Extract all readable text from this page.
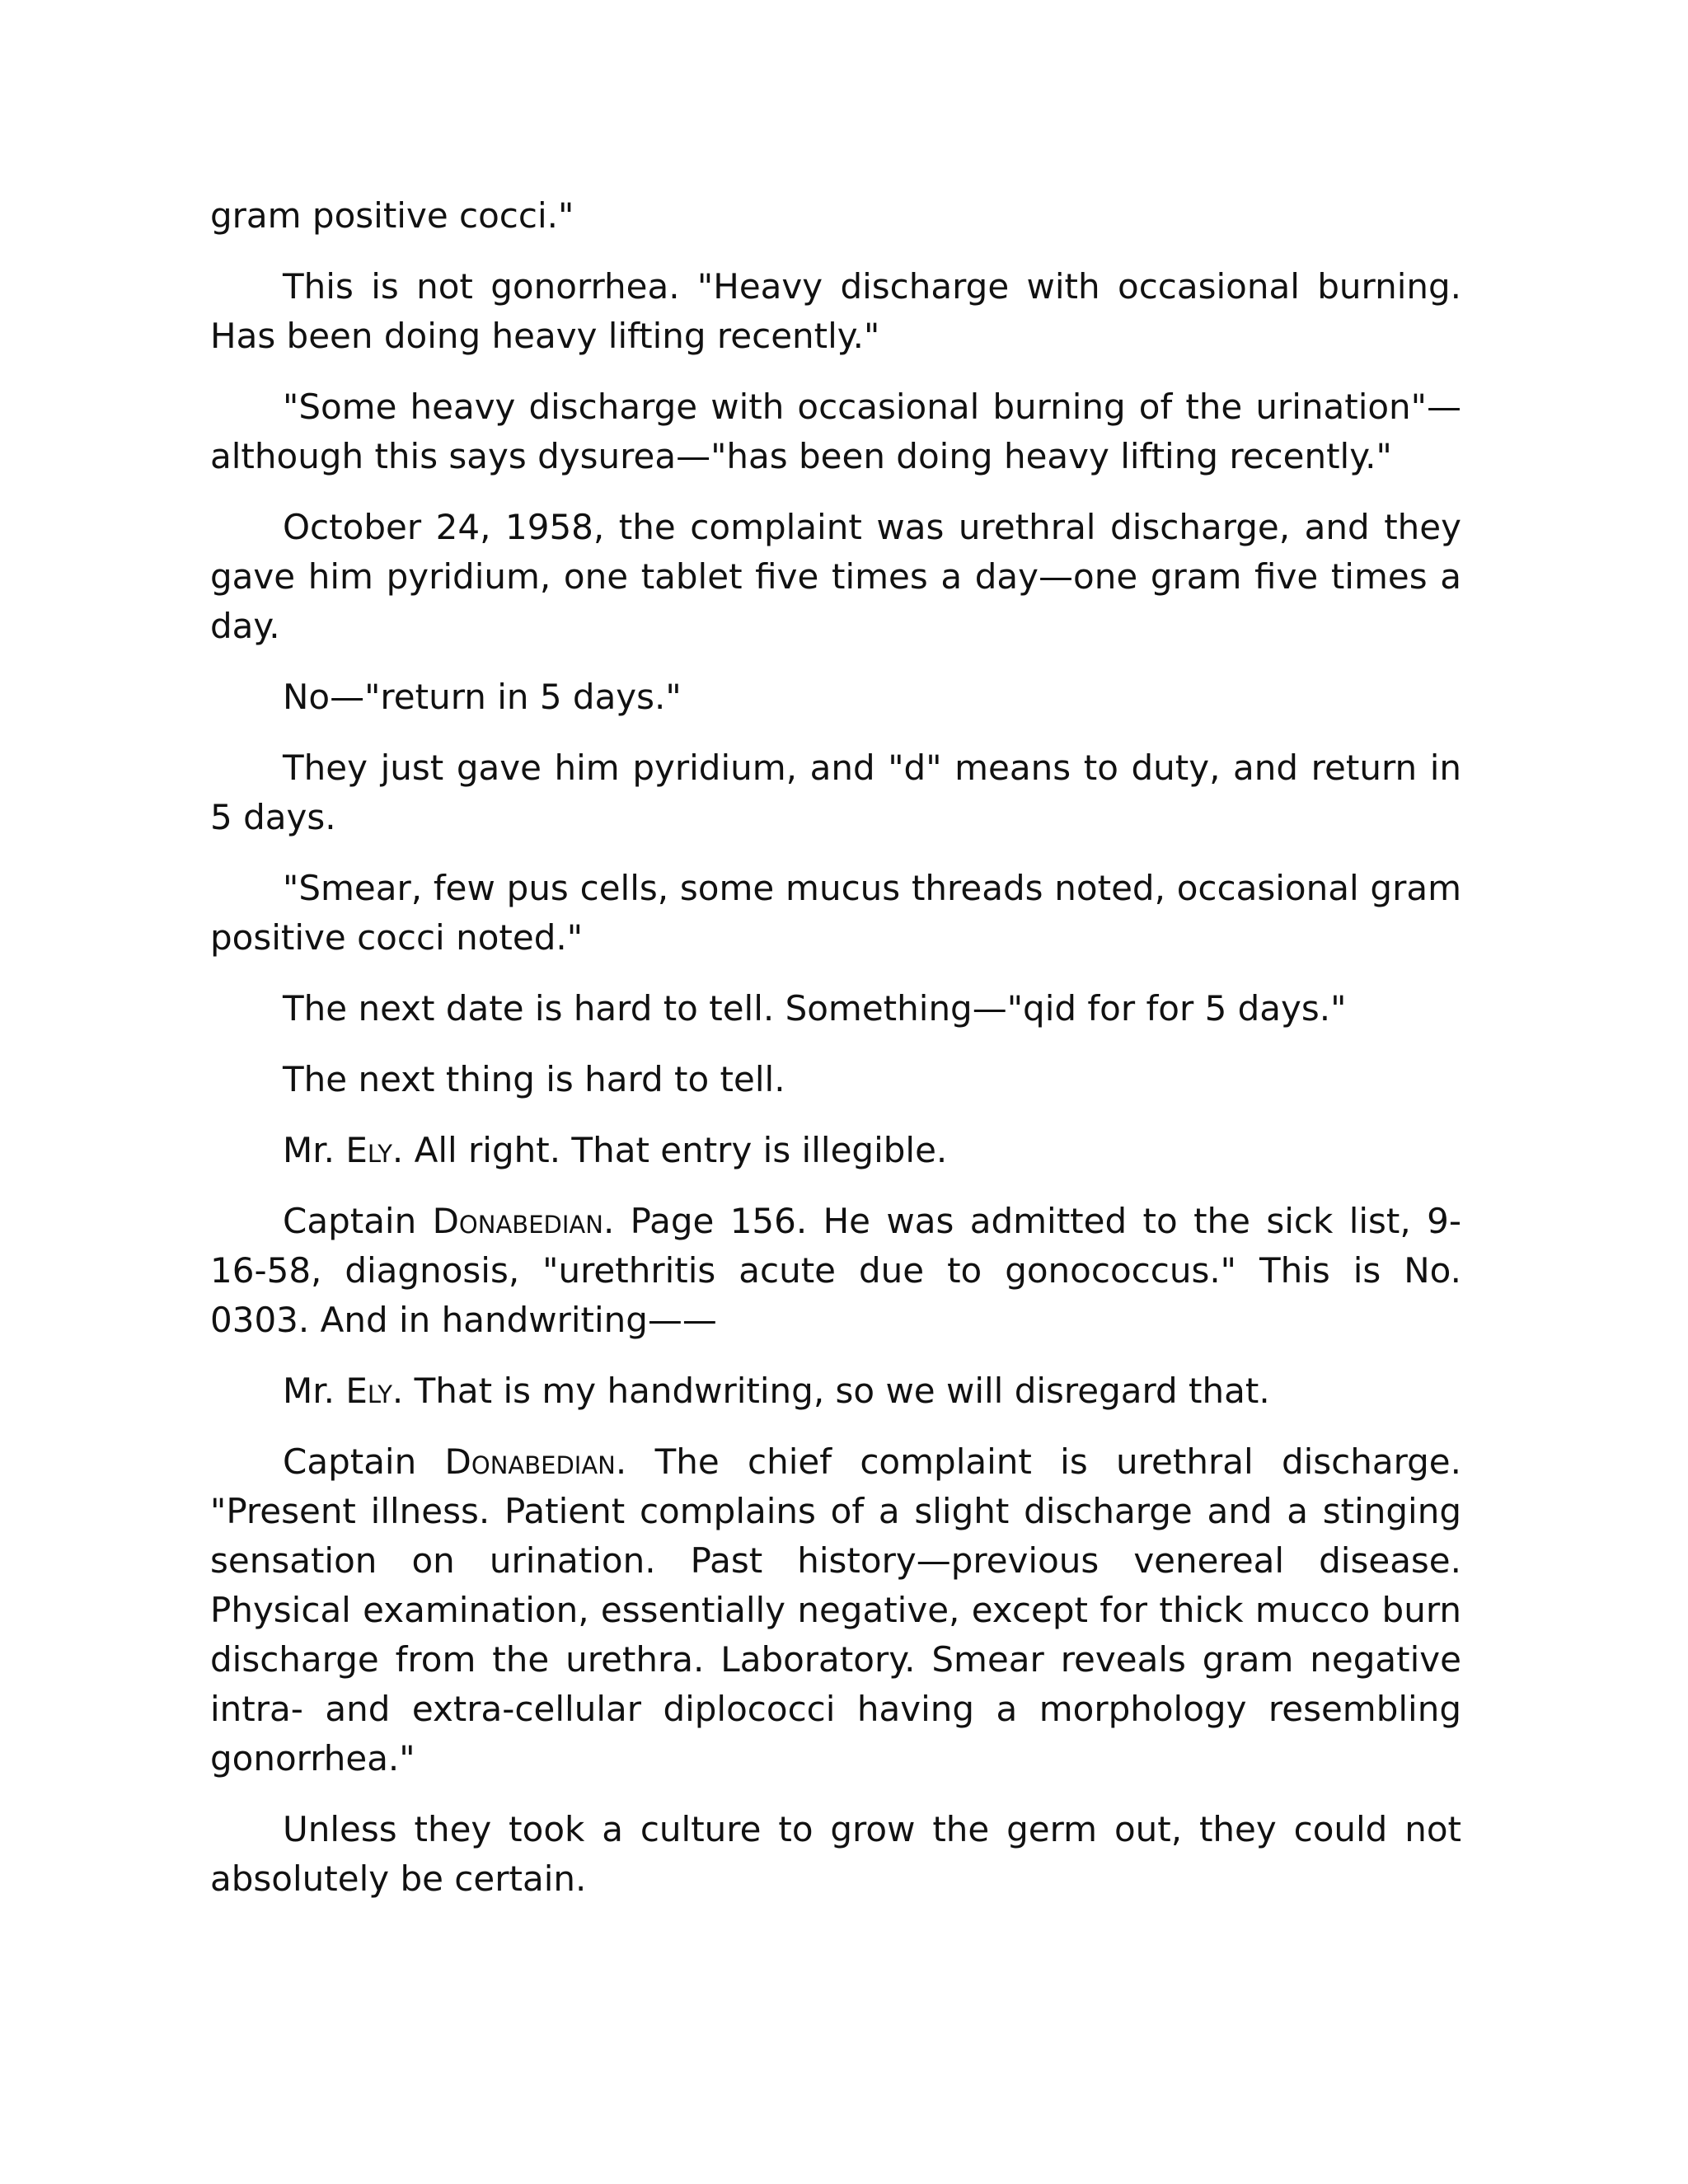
gram positive cocci."

This is not gonorrhea. "Heavy discharge with occasional burning. Has been doing heavy lifting recently."

"Some heavy discharge with occasional burning of the urination"—although this says dysurea—"has been doing heavy lifting recently."

October 24, 1958, the complaint was urethral discharge, and they gave him pyridium, one tablet five times a day—one gram five times a day.

No—"return in 5 days."

They just gave him pyridium, and "d" means to duty, and return in 5 days.

"Smear, few pus cells, some mucus threads noted, occasional gram positive cocci noted."

The next date is hard to tell. Something—"qid for for 5 days."

The next thing is hard to tell.

Mr. Ely. All right. That entry is illegible.

Captain Donabedian. Page 156. He was admitted to the sick list, 9-16-58, diagnosis, "urethritis acute due to gonococcus." This is No. 0303. And in handwriting——

Mr. Ely. That is my handwriting, so we will disregard that.

Captain Donabedian. The chief complaint is urethral discharge. "Present illness. Patient complains of a slight discharge and a stinging sensation on urination. Past history—previous venereal disease. Physical examination, essentially negative, except for thick mucco burn discharge from the urethra. Laboratory. Smear reveals gram negative intra- and extra-cellular diplococci having a morphology resembling gonorrhea."

Unless they took a culture to grow the germ out, they could not absolutely be certain.
